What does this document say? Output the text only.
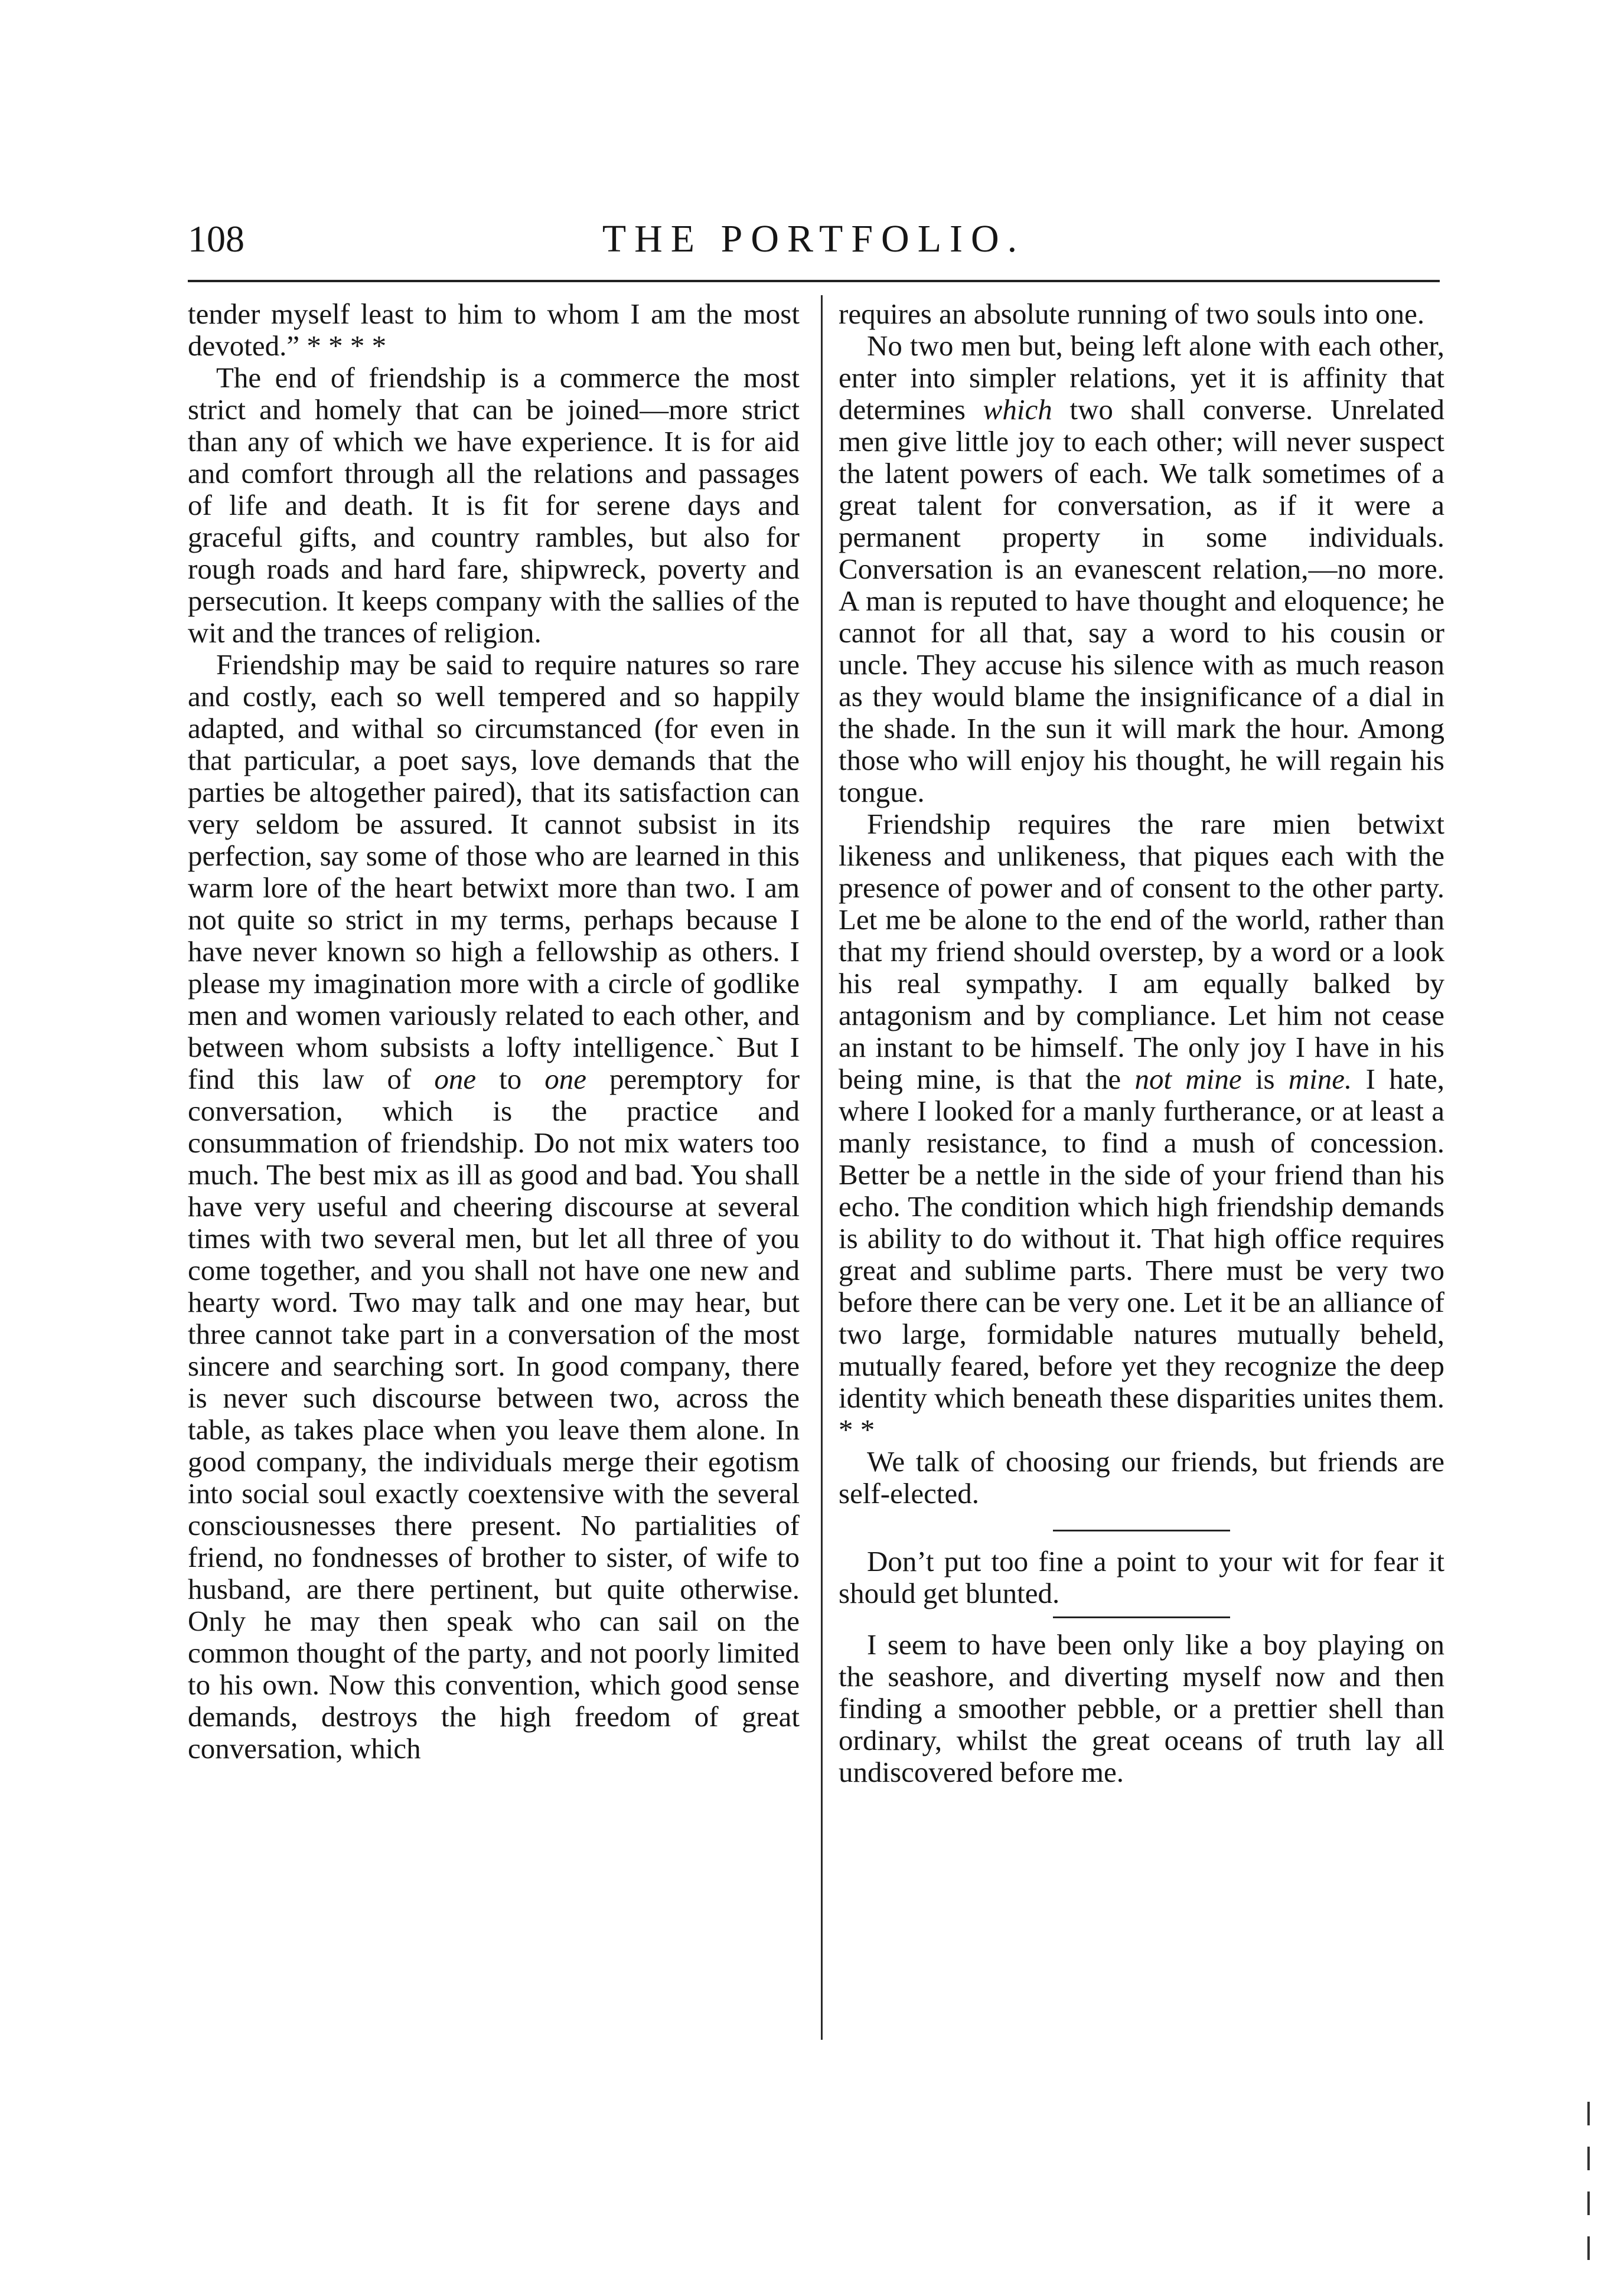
108	THE PORTFOLIO.

tender myself least to him to whom I am the most devoted.” * * * *

The end of friendship is a commerce the most strict and homely that can be joined—more strict than any of which we have experience. It is for aid and comfort through all the relations and passages of life and death. It is fit for serene days and graceful gifts, and country rambles, but also for rough roads and hard fare, shipwreck, poverty and persecution. It keeps company with the sallies of the wit and the trances of religion.

Friendship may be said to require natures so rare and costly, each so well tempered and so happily adapted, and withal so circumstanced (for even in that particular, a poet says, love demands that the parties be altogether paired), that its satisfaction can very seldom be assured. It cannot subsist in its perfection, say some of those who are learned in this warm lore of the heart betwixt more than two. I am not quite so strict in my terms, perhaps because I have never known so high a fellowship as others. I please my imagination more with a circle of godlike men and women variously related to each other, and between whom subsists a lofty intelligence.` But I find this law of one to one peremptory for conversation, which is the practice and consummation of friendship. Do not mix waters too much. The best mix as ill as good and bad. You shall have very useful and cheering discourse at several times with two several men, but let all three of you come together, and you shall not have one new and hearty word. Two may talk and one may hear, but three cannot take part in a conversation of the most sincere and searching sort. In good company, there is never such discourse between two, across the table, as takes place when you leave them alone. In good company, the individuals merge their egotism into social soul exactly coextensive with the several consciousnesses there present. No partialities of friend, no fondnesses of brother to sister, of wife to husband, are there pertinent, but quite otherwise. Only he may then speak who can sail on the common thought of the party, and not poorly limited to his own. Now this convention, which good sense demands, destroys the high freedom of great conversation, which

requires an absolute running of two souls into one.

No two men but, being left alone with each other, enter into simpler relations, yet it is affinity that determines which two shall converse. Unrelated men give little joy to each other; will never suspect the latent powers of each. We talk sometimes of a great talent for conversation, as if it were a permanent property in some individuals. Conversation is an evanescent relation,—no more. A man is reputed to have thought and eloquence; he cannot for all that, say a word to his cousin or uncle. They accuse his silence with as much reason as they would blame the insignificance of a dial in the shade. In the sun it will mark the hour. Among those who will enjoy his thought, he will regain his tongue.

Friendship requires the rare mien betwixt likeness and unlikeness, that piques each with the presence of power and of consent to the other party. Let me be alone to the end of the world, rather than that my friend should overstep, by a word or a look his real sympathy. I am equally balked by antagonism and by compliance. Let him not cease an instant to be himself. The only joy I have in his being mine, is that the not mine is mine. I hate, where I looked for a manly furtherance, or at least a manly resistance, to find a mush of concession. Better be a nettle in the side of your friend than his echo. The condition which high friendship demands is ability to do without it. That high office requires great and sublime parts. There must be very two before there can be very one. Let it be an alliance of two large, formidable natures mutually beheld, mutually feared, before yet they recognize the deep identity which beneath these disparities unites them. * *

We talk of choosing our friends, but friends are self-elected.

Don’t put too fine a point to your wit for fear it should get blunted.

I seem to have been only like a boy playing on the seashore, and diverting myself now and then finding a smoother pebble, or a prettier shell than ordinary, whilst the great oceans of truth lay all undiscovered before me.
